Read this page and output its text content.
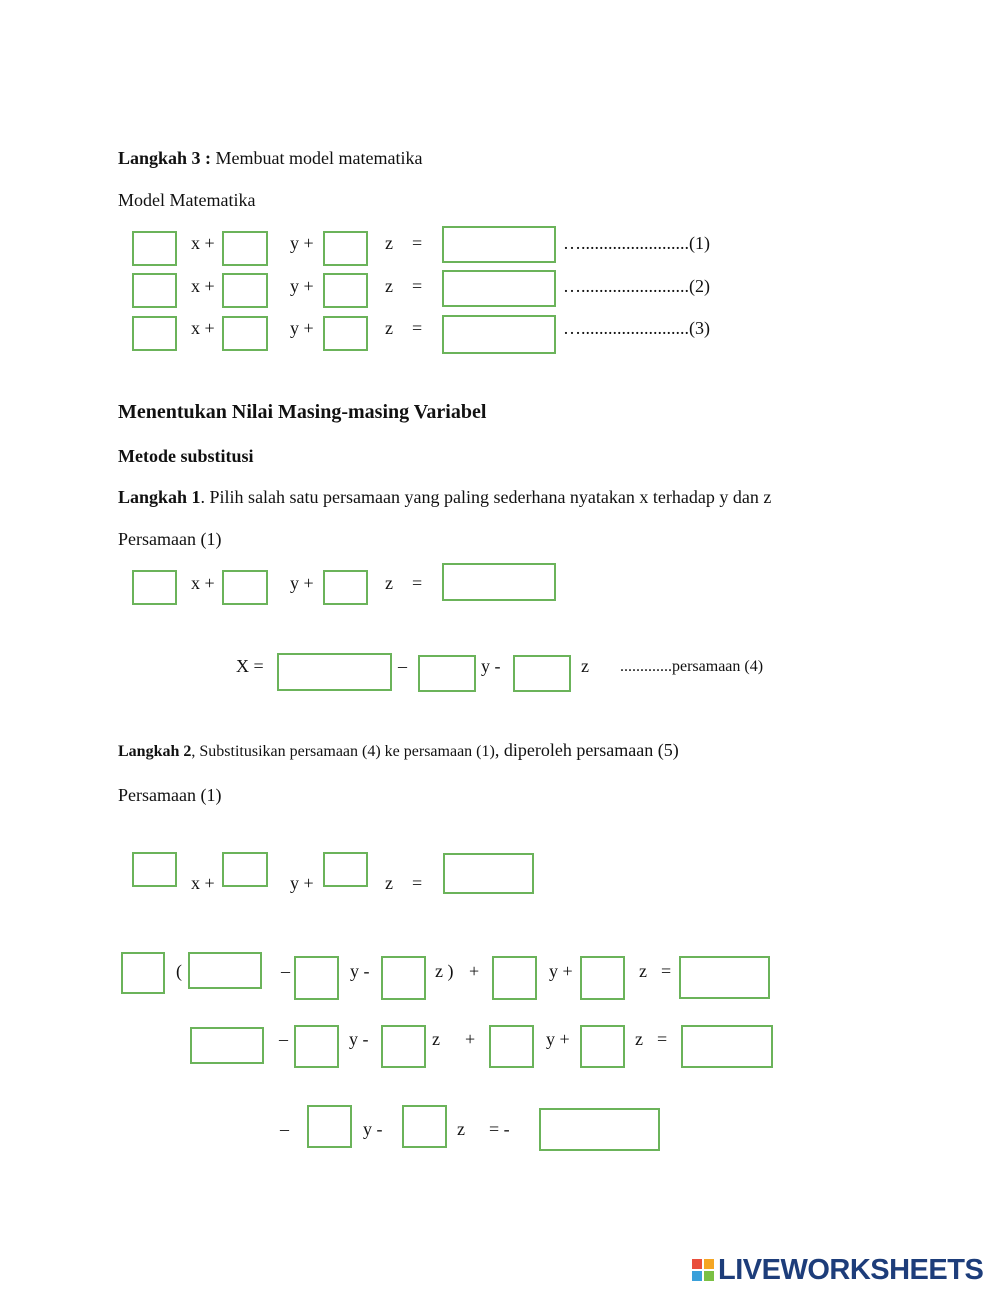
Langkah 3 : Membuat model matematika
Model Matematika
x +	y +	z =	…........................(1)
x +	y +	z =	…........................(2)
x +	y +	z =	…........................(3)
Menentukan Nilai Masing-masing Variabel
Metode substitusi
Langkah 1. Pilih salah satu persamaan yang paling sederhana nyatakan x terhadap y dan z
Persamaan (1)
x +	y +	z =
X =	–	y -	z .............persamaan (4)
Langkah 2, Substitusikan persamaan (4) ke persamaan (1), diperoleh persamaan (5)
Persamaan (1)
x +	y +	z =
(	–	y -	z ) +	y +	z =
–	y -	z +	y +	z =
–	y -	z = -
LIVEWORKSHEETS
